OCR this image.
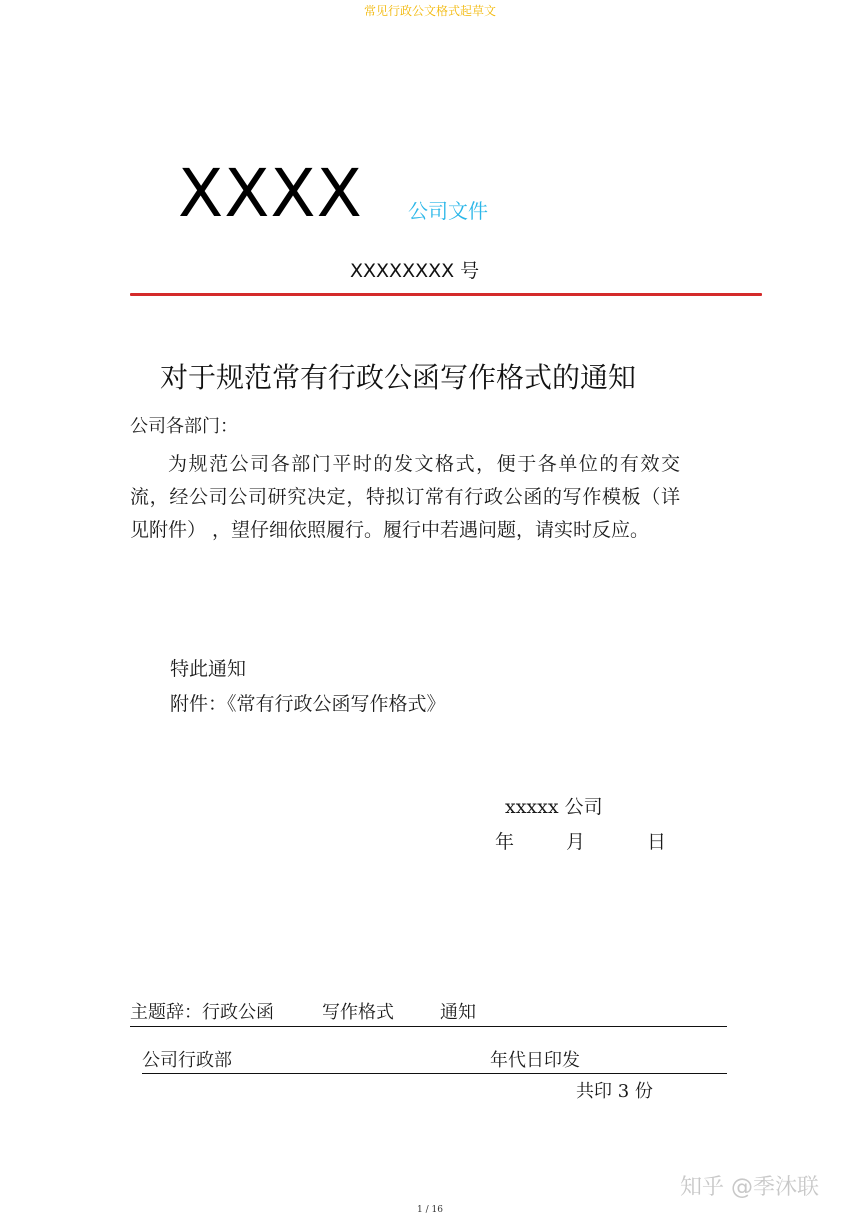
常见行政公文格式起草文
XXXX 公司文件
XXXXXXXX 号
对于规范常有行政公函写作格式的通知
公司各部门：
为规范公司各部门平时的发文格式，便于各单位的有效交流，经公司公司研究决定，特拟订常有行政公函的写作模板（详见附件） ，望仔细依照履行。履行中若遇问题，请实时反应。
特此通知
附件：《常有行政公函写作格式》
xxxxx 公司
年	月	日
主题辞：行政公函	写作格式	通知
公司行政部	年代日印发
共印 3 份
知乎 @季沐联
1 / 16
